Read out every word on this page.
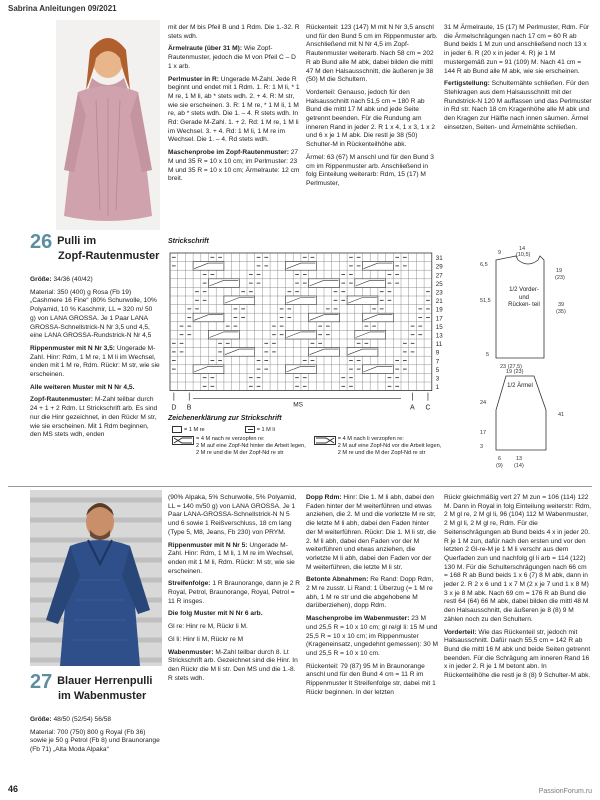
Sabrina Anleitungen 09/2021
26 Pulli im
Zopf-Rautenmuster

Größe: 34/36 (40/42)

Material: 350 (400) g Rosa (Fb 19) „Cashmere 16 Fine“ (80% Schurwolle, 10% Polyamid, 10 % Kaschmir, LL = 320 m/ 50 g) von LANA GROSSA. Je 1 Paar LANA GROSSA-Schnellstrick-N Nr 3,5 und 4,5, eine LANA GROSSA-Rundstrick-N Nr 4,5

Rippenmuster mit N Nr 3,5: Ungerade M-Zahl. Hinr: Rdm, 1 M re, 1 M li im Wechsel, enden mit 1 M re, Rdm. Rückr: M str, wie sie erscheinen.

Alle weiteren Muster mit N Nr 4,5.

Zopf-Rautenmuster: M-Zahl teilbar durch 24 + 1 + 2 Rdm. Lt Strickschrift arb. Es sind nur die Hinr gezeichnet, in den Rückr M str, wie sie erscheinen. Mit 1 Rdm beginnen, den MS stets wdh, enden

mit der M bis Pfeil B und 1 Rdm. Die 1.-32. R stets wdh.

Ärmelraute (über 31 M): Wie Zopf-Rautenmuster, jedoch die M von Pfeil C – D 1 x arb.

Perlmuster in R: Ungerade M-Zahl. Jede R beginnt und endet mit 1 Rdm. 1. R: 1 M li, * 1 M re, 1 M li, ab * stets wdh. 2. + 4. R: M str, wie sie erscheinen. 3. R: 1 M re, * 1 M li, 1 M re, ab * stets wdh. Die 1. – 4. R stets wdh. In Rd: Gerade M-Zahl. 1. + 2. Rd: 1 M re, 1 M li im Wechsel. 3. + 4. Rd: 1 M li, 1 M re im Wechsel. Die 1. – 4. Rd stets wdh.

Maschenprobe im Zopf-Rautenmuster: 27 M und 35 R = 10 x 10 cm; im Perlmuster: 23 M und 35 R = 10 x 10 cm; Ärmelraute: 12 cm breit.

Rückenteil: 123 (147) M mit N Nr 3,5 anschl und für den Bund 5 cm im Rippenmuster arb. Anschließend mit N Nr 4,5 im Zopf-Rautenmuster weiterarb. Nach 58 cm = 202 R ab Bund alle M abk, dabei bilden die mittl 47 M den Halsausschnitt, die äußeren je 38 (50) M die Schultern.

Vorderteil: Genauso, jedoch für den Halsausschnitt nach 51,5 cm = 180 R ab Bund die mittl 17 M abk und jede Seite getrennt beenden. Für die Rundung am inneren Rand in jeder 2. R 1 x 4, 1 x 3, 1 x 2 und 6 x je 1 M abk. Die restl je 38 (50) Schulter-M in Rückenteilhöhe abk.

Ärmel: 63 (67) M anschl und für den Bund 3 cm im Rippenmuster arb. Anschließend in folg Einteilung weiterarb: Rdm, 15 (17) M Perlmuster,

31 M Ärmelraute, 15 (17) M Perlmuster, Rdm. Für die Ärmelschrägungen nach 17 cm = 60 R ab Bund beids 1 M zun und anschließend noch 13 x in jeder 6. R (20 x in jeder 4. R) je 1 M mustergemäß zun = 91 (109) M. Nach 41 cm = 144 R ab Bund alle M abk, wie sie erscheinen.

Fertigstellung: Schulternähte schließen. Für den Stehkragen aus dem Halsausschnitt mit der Rundstrick-N 120 M auffassen und das Perlmuster in Rd str. Nach 18 cm Kragenhöhe alle M abk und den Kragen zur Hälfte nach innen säumen. Ärmel einsetzen, Seiten- und Ärmelnähte schließen.

Strickschrift
31
29
27
25
23
21
19
17
15
13
11
9
7
5
3
1
D B	A C
MS
Zeichenerklärung zur Strickschrift
= 1 M re	= 1 M li
= 4 M nach re verzopfen re:
2 M auf eine Zopf-Nd hinter die Arbeit legen,
2 M re und die M der Zopf-Nd re str
= 4 M nach li verzopfen re:
2 M auf eine Zopf-Nd vor die Arbeit legen,
2 M re und die M der Zopf-Nd re str
14
(10,5)
9
6,5
19
(23)
51,5
39
(35)
5
23 (27,5)
19 (23)
24
41
17
3
6
(9)
13
(14)
1/2 Vorder- und Rücken- teil
1/2 Ärmel
27 Blauer Herrenpulli
im Wabenmuster

Größe: 48/50 (52/54) 56/58

Material: 700 (750) 800 g Royal (Fb 36) sowie je 50 g Petrol (Fb 8) und Braunorange (Fb 71) „Alta Moda Alpaka“

(90% Alpaka, 5% Schurwolle, 5% Polyamid, LL = 140 m/50 g) von LANA GROSSA. Je 1 Paar LANA-GROSSA-Schnellstrick-N N 5 und 6 sowie 1 Reißverschluss, 18 cm lang (Type 5, M8, Jeans, Fb 230) von PRYM.

Rippenmuster mit N Nr 5: Ungerade M-Zahl. Hinr: Rdm, 1 M li, 1 M re im Wechsel, enden mit 1 M li, Rdm. Rückr: M str, wie sie erscheinen.

Streifenfolge: 1 R Braunorange, dann je 2 R Royal, Petrol, Braunorange, Royal, Petrol = 11 R insges.

Die folg Muster mit N Nr 6 arb.

Gl re: Hinr re M, Rückr li M.

Gl li: Hinr li M, Rückr re M

Wabenmuster: M-Zahl teilbar durch 8. Lt Strickschrift arb. Gezeichnet sind die Hinr. In den Rückr die M li str. Den MS und die 1.-8. R stets wdh.

Dopp Rdm: Hinr: Die 1. M li abh, dabei den Faden hinter der M weiterführen und etwas anziehen, die 2. M und die vorletzte M re str, die letzte M li abh, dabei den Faden hinter der M weiterführen. Rückr: Die 1. M li str, die 2. M li abh, dabei den Faden vor der M weiterführen und etwas anziehen, die vorletzte M li abh, dabei den Faden vor der M weiterführen, die letzte M li str.

Betonte Abnahmen: Re Rand: Dopp Rdm, 2 M re zusstr. Li Rand: 1 Überzug (= 1 M re abh, 1 M re str und die abgehobene M darüberziehen), dopp Rdm.

Maschenprobe im Wabenmuster: 23 M und 25,5 R = 10 x 10 cm; gl re/gl li: 15 M und 25,5 R = 10 x 10 cm; im Rippenmuster (Krageneinsatz, ungedehnt gemessen): 30 M und 25,5 R = 10 x 10 cm.

Rückenteil: 79 (87) 95 M in Braunorange anschl und für den Bund 4 cm = 11 R im Rippenmuster lt Streifenfolge str, dabei mit 1 Rückr beginnen. In der letzten

Rückr gleichmäßig vert 27 M zun = 106 (114) 122 M. Dann in Royal in folg Einteilung weiterstr: Rdm, 2 M gl re, 2 M gl li, 96 (104) 112 M Wabenmuster, 2 M gl li, 2 M gl re, Rdm. Für die Seitenschrägungen ab Bund beids 4 x in jeder 20. R je 1 M zun, dafür nach den ersten und vor den letzten 2 Gl-re-M je 1 M li verschr aus dem Querfaden zun und nachfolg gl li arb = 114 (122) 130 M. Für die Schulterschrägungen nach 66 cm = 168 R ab Bund beids 1 x 6 (7) 8 M abk, dann in jeder 2. R 2 x 6 und 1 x 7 M (2 x je 7 und 1 x 8 M) 3 x je 8 M abk. Nach 69 cm = 176 R ab Bund die restl 64 (64) 66 M abk, dabei bilden die mittl 48 M den Halsausschnitt, die äußeren je 8 (8) 9 M zählen noch zu den Schultern.

Vorderteil: Wie das Rückenteil str, jedoch mit Halsausschnitt. Dafür nach 55,5 cm = 142 R ab Bund die mittl 16 M abk und beide Seiten getrennt beenden. Für die Schrägung am inneren Rand 16 x in jeder 2. R je 1 M betont abn. In Rückenteilhöhe die restl je 8 (8) 9 Schulter-M abk.

46	PassionForum.ru
